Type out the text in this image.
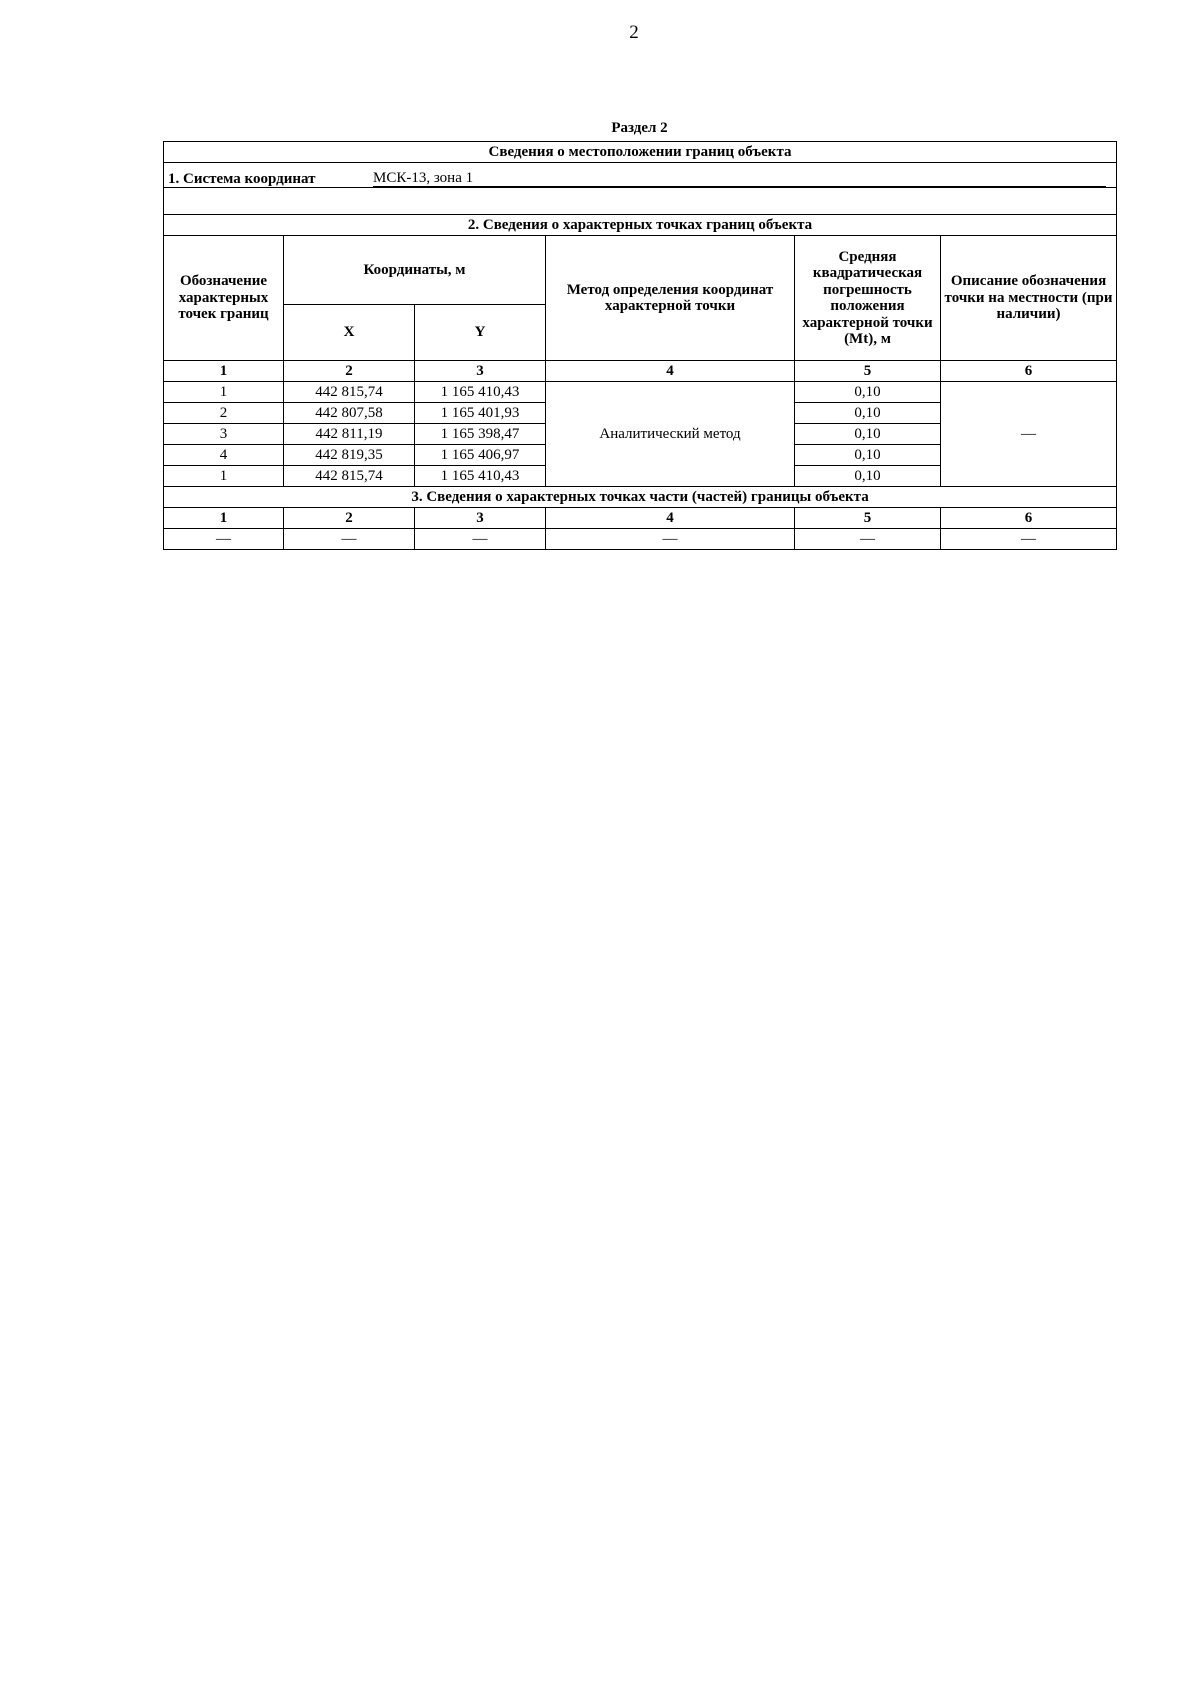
2
Раздел 2
Сведения о местоположении границ объекта					

1. Система координат МСК-13, зона 1					

2. Сведения о характерных точках границ объекта					
Обозначение характерных точек границ	Координаты, м		Метод определения координат характерной точки	Средняя квадратическая погрешность положения характерной точки (Mt), м	Описание обозначения точки на местности (при наличии)
	X	Y			
1	2	3	4	5	6
1	442 815,74	1 165 410,43	Аналитический метод	0,10	—
2	442 807,58	1 165 401,93		0,10	
3	442 811,19	1 165 398,47		0,10	
4	442 819,35	1 165 406,97		0,10	
1	442 815,74	1 165 410,43		0,10	
3. Сведения о характерных точках части (частей) границы объекта					
1	2	3	4	5	6
—	—	—	—	—	—
